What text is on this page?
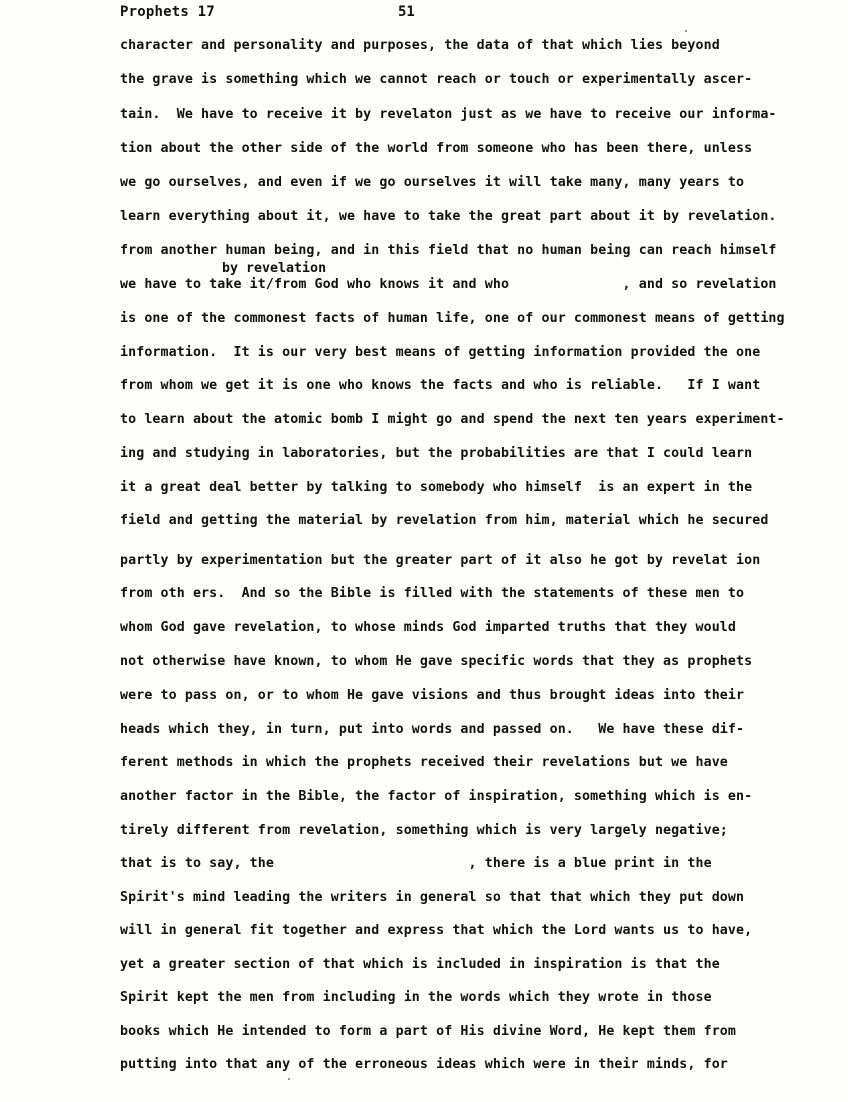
Prophets 17	51
by revelation
character and personality and purposes, the data of that which lies beyond
the grave is something which we cannot reach or touch or experimentally ascer-
tain.  We have to receive it by revelaton just as we have to receive our informa-
tion about the other side of the world from someone who has been there, unless
we go ourselves, and even if we go ourselves it will take many, many years to
learn everything about it, we have to take the great part about it by revelation.
from another human being, and in this field that no human being can reach himself
we have to take it/from God who knows it and who              , and so revelation
is one of the commonest facts of human life, one of our commonest means of getting
information.  It is our very best means of getting information provided the one
from whom we get it is one who knows the facts and who is reliable.   If I want
to learn about the atomic bomb I might go and spend the next ten years experiment-
ing and studying in laboratories, but the probabilities are that I could learn
it a great deal better by talking to somebody who himself  is an expert in the
field and getting the material by revelation from him, material which he secured
partly by experimentation but the greater part of it also he got by revelat ion
from oth ers.  And so the Bible is filled with the statements of these men to
whom God gave revelation, to whose minds God imparted truths that they would
not otherwise have known, to whom He gave specific words that they as prophets
were to pass on, or to whom He gave visions and thus brought ideas into their
heads which they, in turn, put into words and passed on.   We have these dif-
ferent methods in which the prophets received their revelations but we have
another factor in the Bible, the factor of inspiration, something which is en-
tirely different from revelation, something which is very largely negative;
that is to say, the                        , there is a blue print in the
Spirit's mind leading the writers in general so that that which they put down
will in general fit together and express that which the Lord wants us to have,
yet a greater section of that which is included in inspiration is that the
Spirit kept the men from including in the words which they wrote in those
books which He intended to form a part of His divine Word, He kept them from
putting into that any of the erroneous ideas which were in their minds, for
